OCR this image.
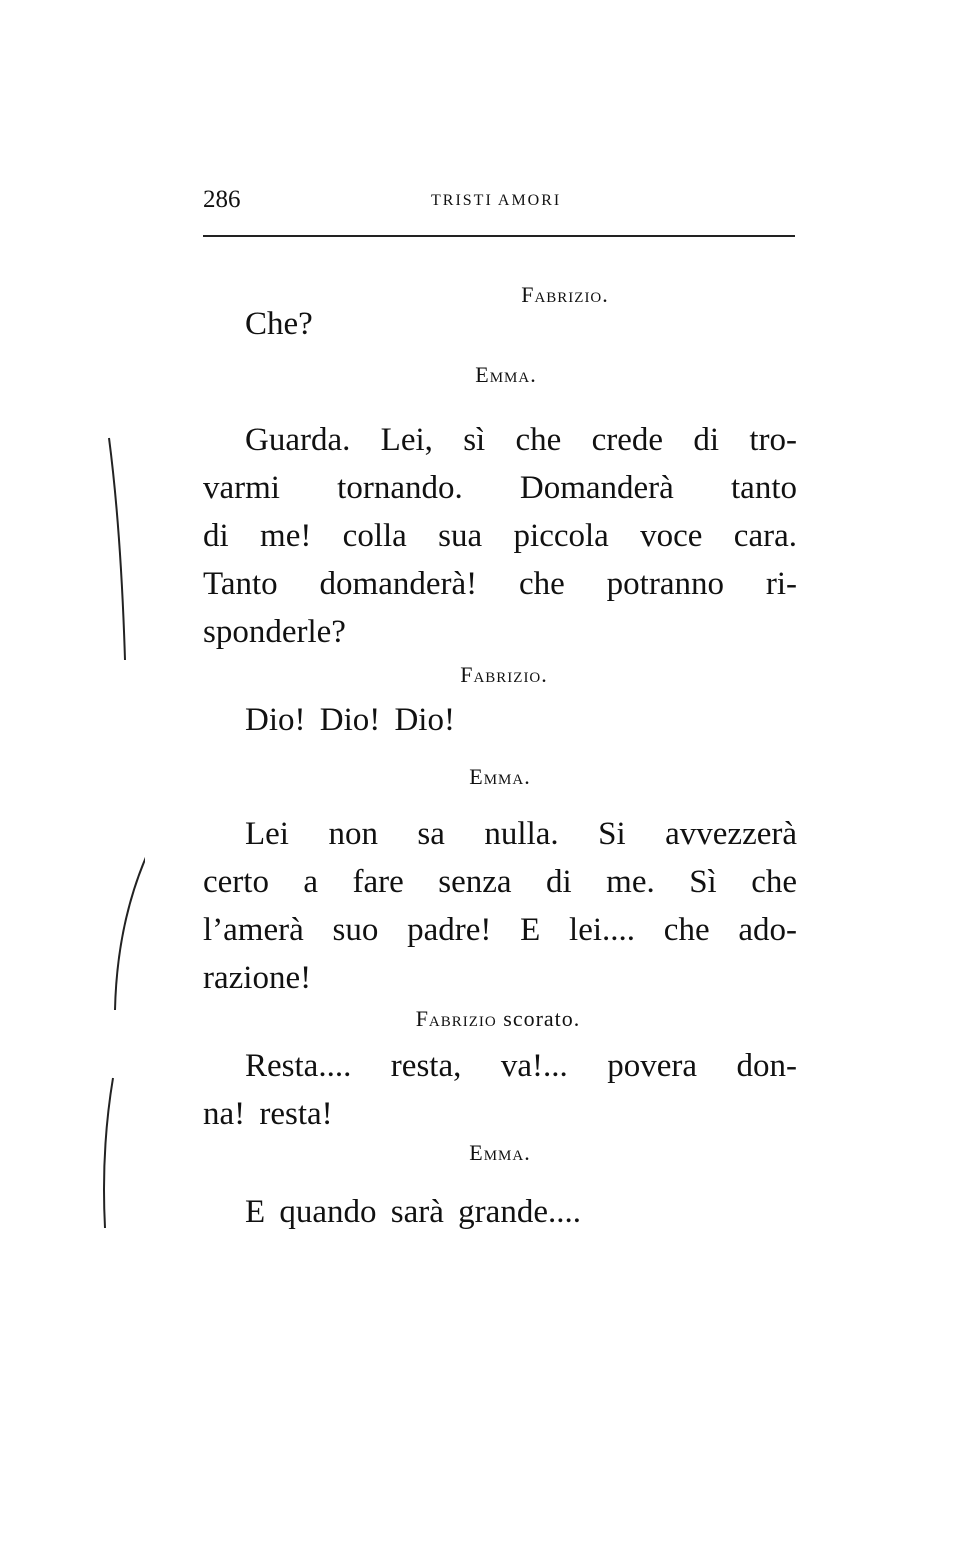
286	TRISTI AMORI

Fabrizio.

Che?

Emma.

Guarda. Lei, sì che crede di tro-
varmi tornando. Domanderà tanto
di me! colla sua piccola voce cara.
Tanto domanderà! che potranno ri-
sponderle?

Fabrizio.

Dio! Dio! Dio!

Emma.

Lei non sa nulla. Si avvezzerà
certo a fare senza di me. Sì che
l’amerà suo padre! E lei.... che ado-
razione!

Fabrizio scorato.

Resta.... resta, va!... povera don-
na! resta!

Emma.

E quando sarà grande....
